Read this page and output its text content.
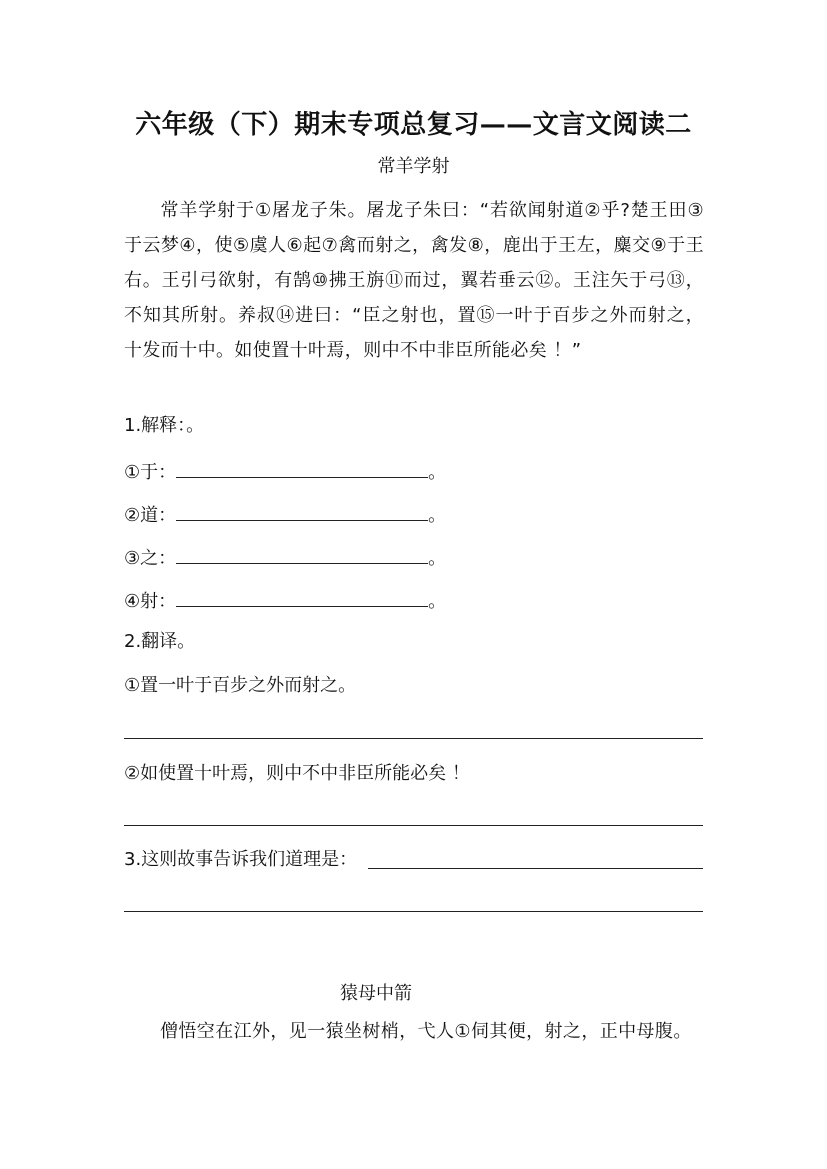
六年级（下）期末专项总复习——文言文阅读二
常羊学射
常羊学射于①屠龙子朱。屠龙子朱曰：“若欲闻射道②乎?楚王田③于云梦④，使⑤虞人⑥起⑦禽而射之，禽发⑧，鹿出于王左，麋交⑨于王右。王引弓欲射，有鹄⑩拂王旃⑪而过，翼若垂云⑫。王注矢于弓⑬，不知其所射。养叔⑭进曰：“臣之射也，置⑮一叶于百步之外而射之，十发而十中。如使置十叶焉，则中不中非臣所能必矣 ！”
1.解释：。
①于：	。
②道：	。
③之：	。
④射：	。
2.翻译。
①置一叶于百步之外而射之。
②如使置十叶焉，则中不中非臣所能必矣 ！
3.这则故事告诉我们道理是：
猿母中箭
僧悟空在江外，见一猿坐树梢，弋人①伺其便，射之，正中母腹。
